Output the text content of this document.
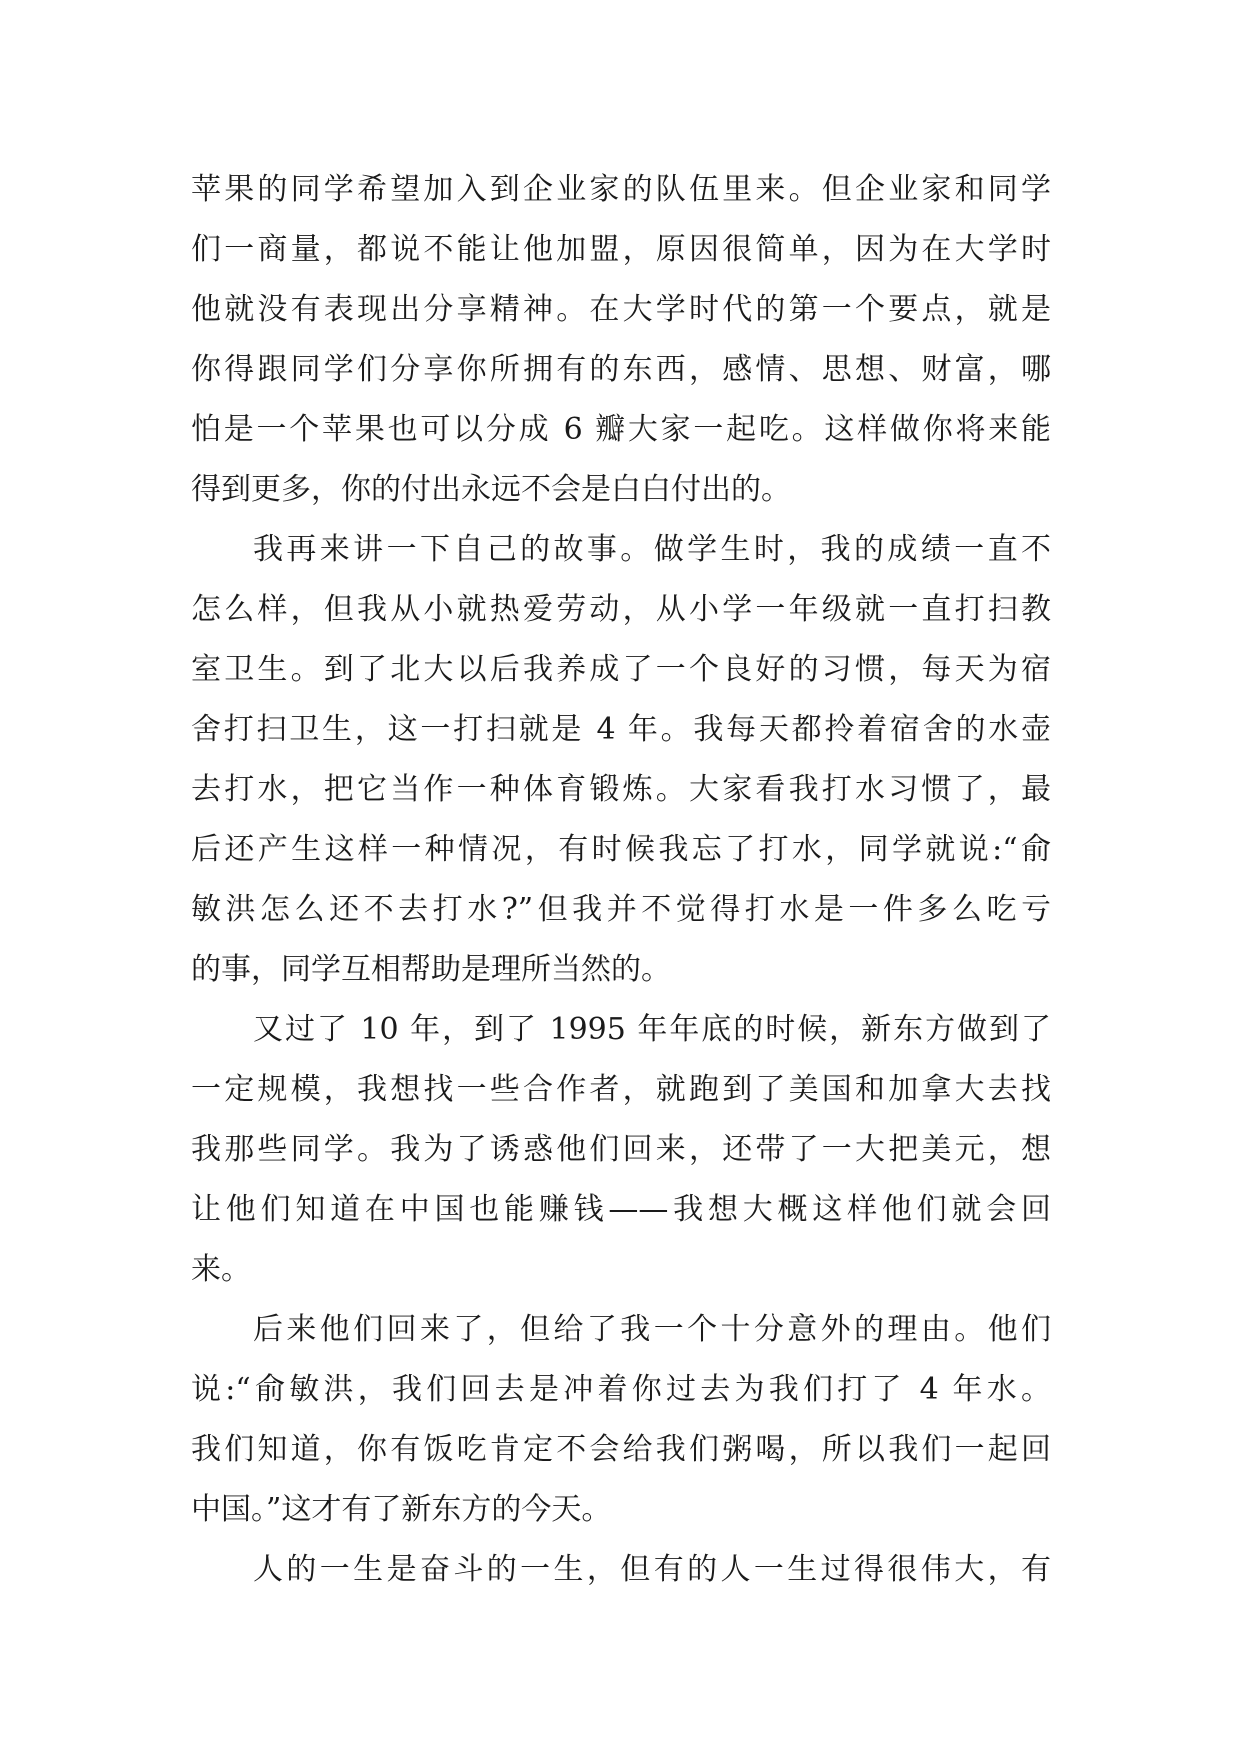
苹果的同学希望加入到企业家的队伍里来。但企业家和同学
们一商量，都说不能让他加盟，原因很简单，因为在大学时
他就没有表现出分享精神。在大学时代的第一个要点，就是
你得跟同学们分享你所拥有的东西，感情、思想、财富，哪
怕是一个苹果也可以分成 6 瓣大家一起吃。这样做你将来能
得到更多，你的付出永远不会是白白付出的。
我再来讲一下自己的故事。做学生时，我的成绩一直不
怎么样，但我从小就热爱劳动，从小学一年级就一直打扫教
室卫生。到了北大以后我养成了一个良好的习惯，每天为宿
舍打扫卫生，这一打扫就是 4 年。我每天都拎着宿舍的水壶
去打水，把它当作一种体育锻炼。大家看我打水习惯了，最
后还产生这样一种情况，有时候我忘了打水，同学就说:“俞
敏洪怎么还不去打水?”但我并不觉得打水是一件多么吃亏
的事，同学互相帮助是理所当然的。
又过了 10 年，到了 1995 年年底的时候，新东方做到了
一定规模，我想找一些合作者，就跑到了美国和加拿大去找
我那些同学。我为了诱惑他们回来，还带了一大把美元，想
让他们知道在中国也能赚钱——我想大概这样他们就会回
来。
后来他们回来了，但给了我一个十分意外的理由。他们
说:“俞敏洪，我们回去是冲着你过去为我们打了 4 年水。
我们知道，你有饭吃肯定不会给我们粥喝，所以我们一起回
中国。”这才有了新东方的今天。
人的一生是奋斗的一生，但有的人一生过得很伟大，有
